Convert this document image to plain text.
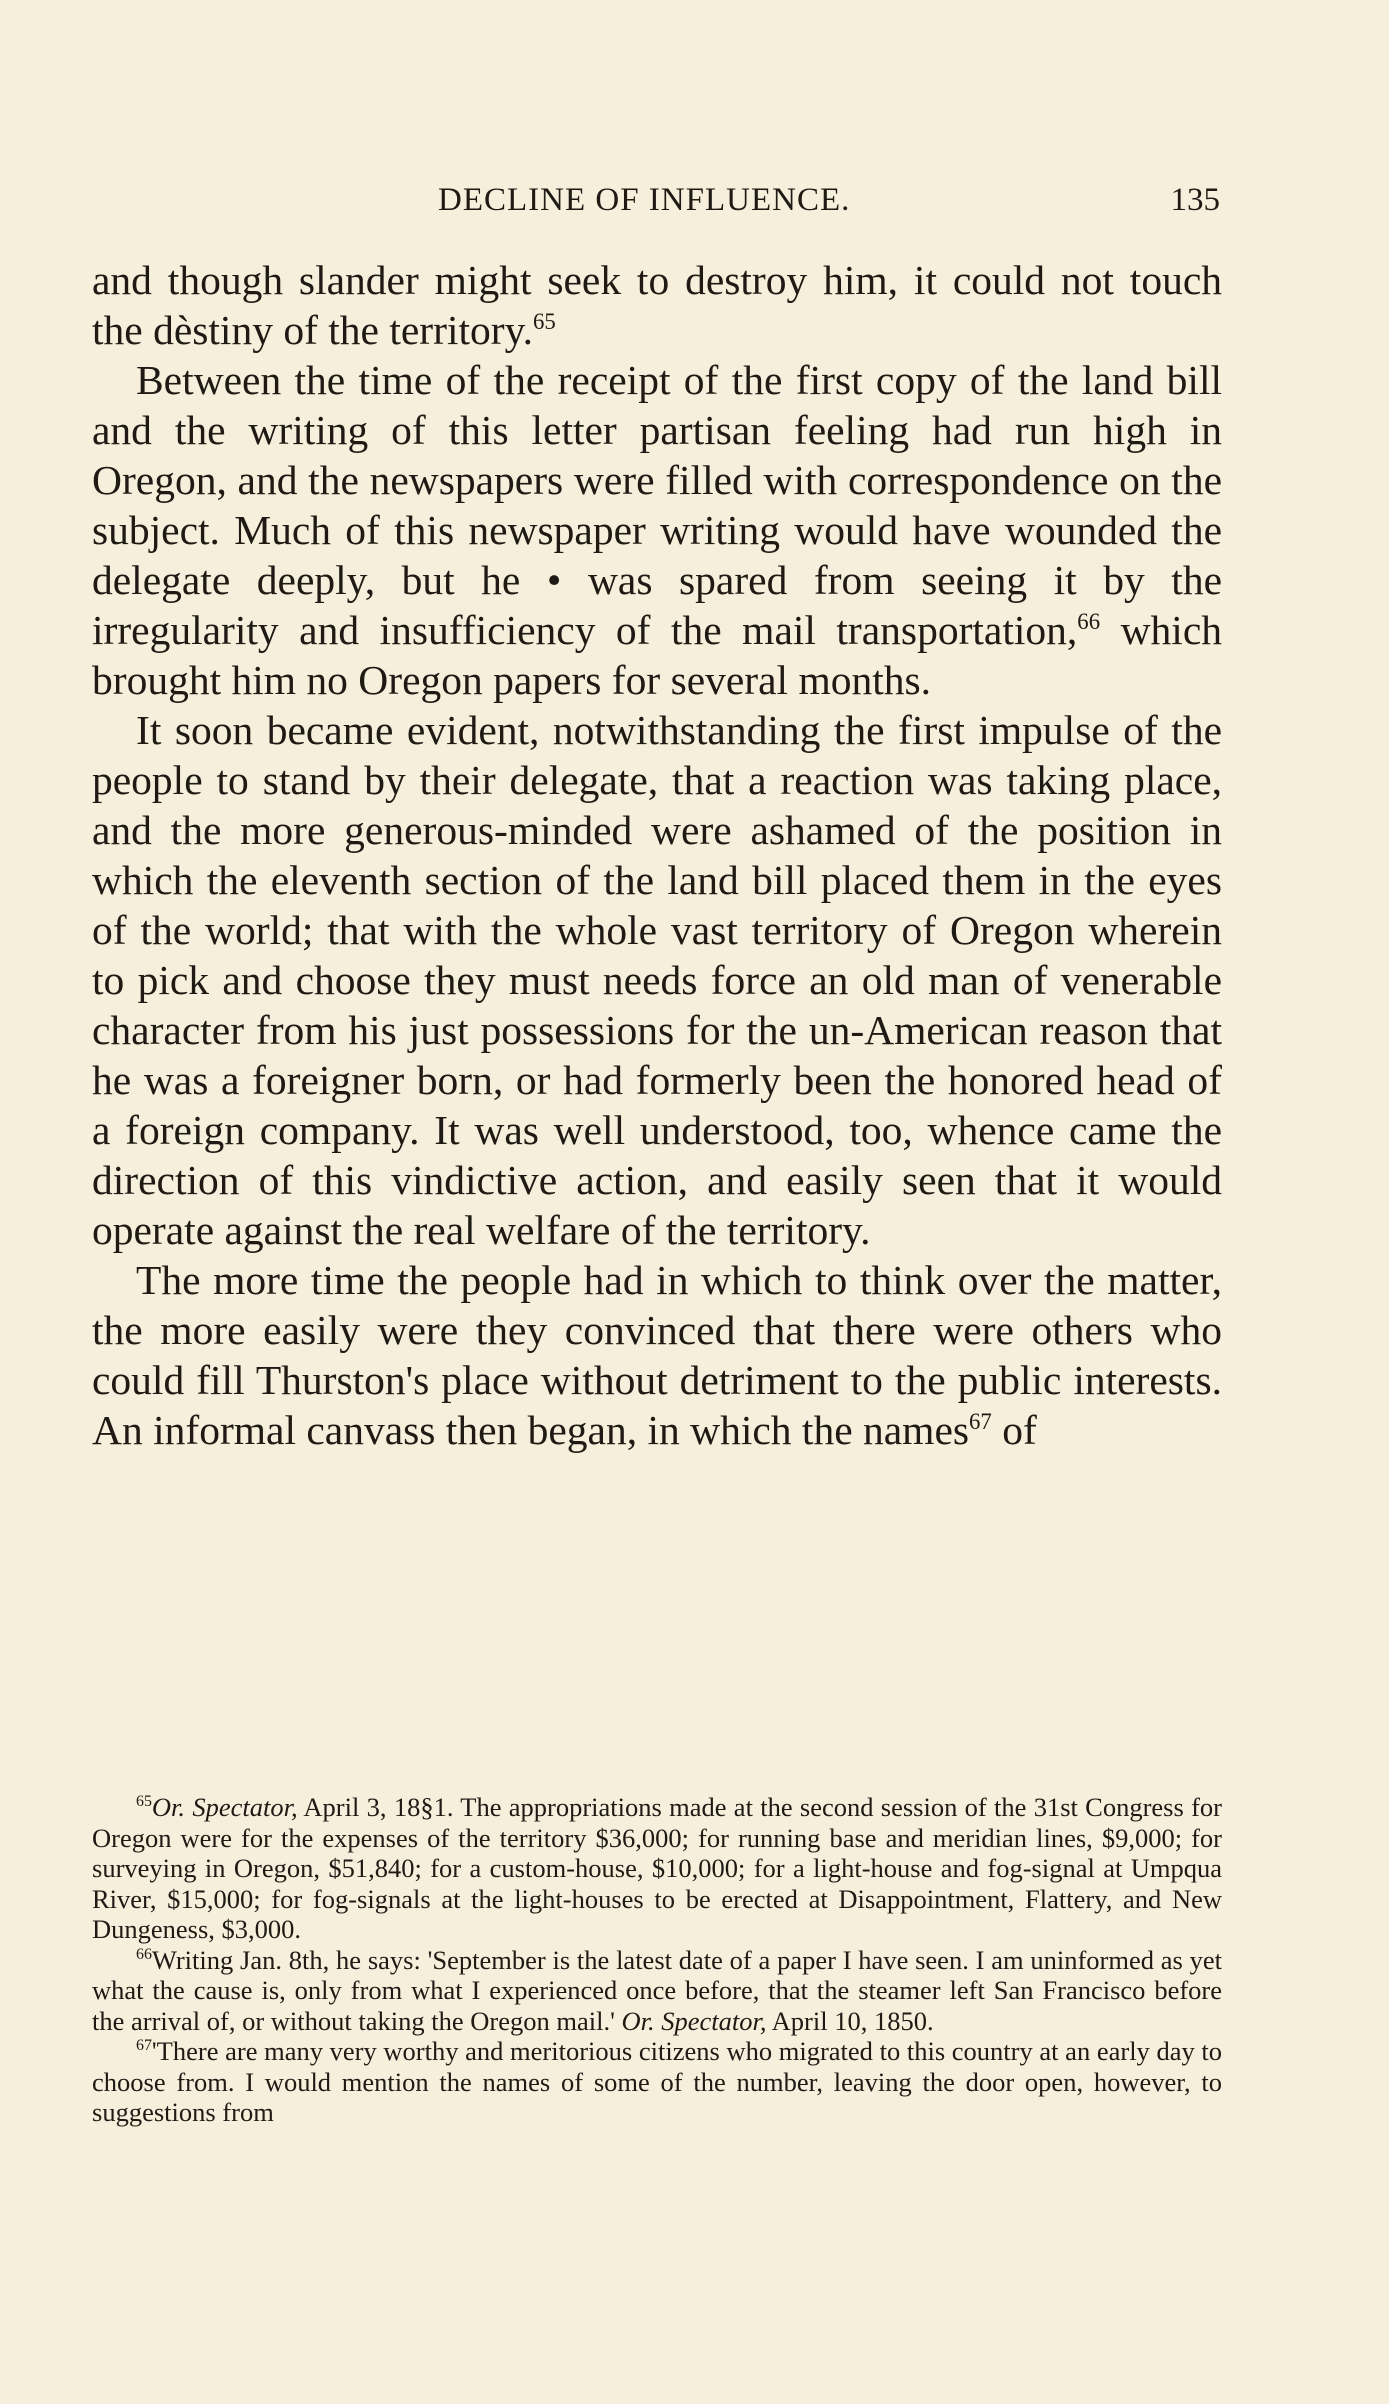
DECLINE OF INFLUENCE.	135

and though slander might seek to destroy him, it could not touch the dèstiny of the territory.$^{65}$

Between the time of the receipt of the first copy of the land bill and the writing of this letter partisan feeling had run high in Oregon, and the newspapers were filled with correspondence on the subject. Much of this newspaper writing would have wounded the delegate deeply, but he • was spared from seeing it by the irregularity and insufficiency of the mail transportation,$^{66}$ which brought him no Oregon papers for several months.

It soon became evident, notwithstanding the first impulse of the people to stand by their delegate, that a reaction was taking place, and the more generous-minded were ashamed of the position in which the eleventh section of the land bill placed them in the eyes of the world; that with the whole vast territory of Oregon wherein to pick and choose they must needs force an old man of venerable character from his just possessions for the un-American reason that he was a foreigner born, or had formerly been the honored head of a foreign company. It was well understood, too, whence came the direction of this vindictive action, and easily seen that it would operate against the real welfare of the territory.

The more time the people had in which to think over the matter, the more easily were they convinced that there were others who could fill Thurston's place without detriment to the public interests. An informal canvass then began, in which the names$^{67}$ of

$^{65}$Or. Spectator, April 3, 18§1. The appropriations made at the second session of the 31st Congress for Oregon were for the expenses of the territory $36,000; for running base and meridian lines, $9,000; for surveying in Oregon, $51,840; for a custom-house, $10,000; for a light-house and fog-signal at Umpqua River, $15,000; for fog-signals at the light-houses to be erected at Disappointment, Flattery, and New Dungeness, $3,000.

$^{66}$Writing Jan. 8th, he says: 'September is the latest date of a paper I have seen. I am uninformed as yet what the cause is, only from what I experienced once before, that the steamer left San Francisco before the arrival of, or without taking the Oregon mail.' Or. Spectator, April 10, 1850.

$^{67}$'There are many very worthy and meritorious citizens who migrated to this country at an early day to choose from. I would mention the names of some of the number, leaving the door open, however, to suggestions from
